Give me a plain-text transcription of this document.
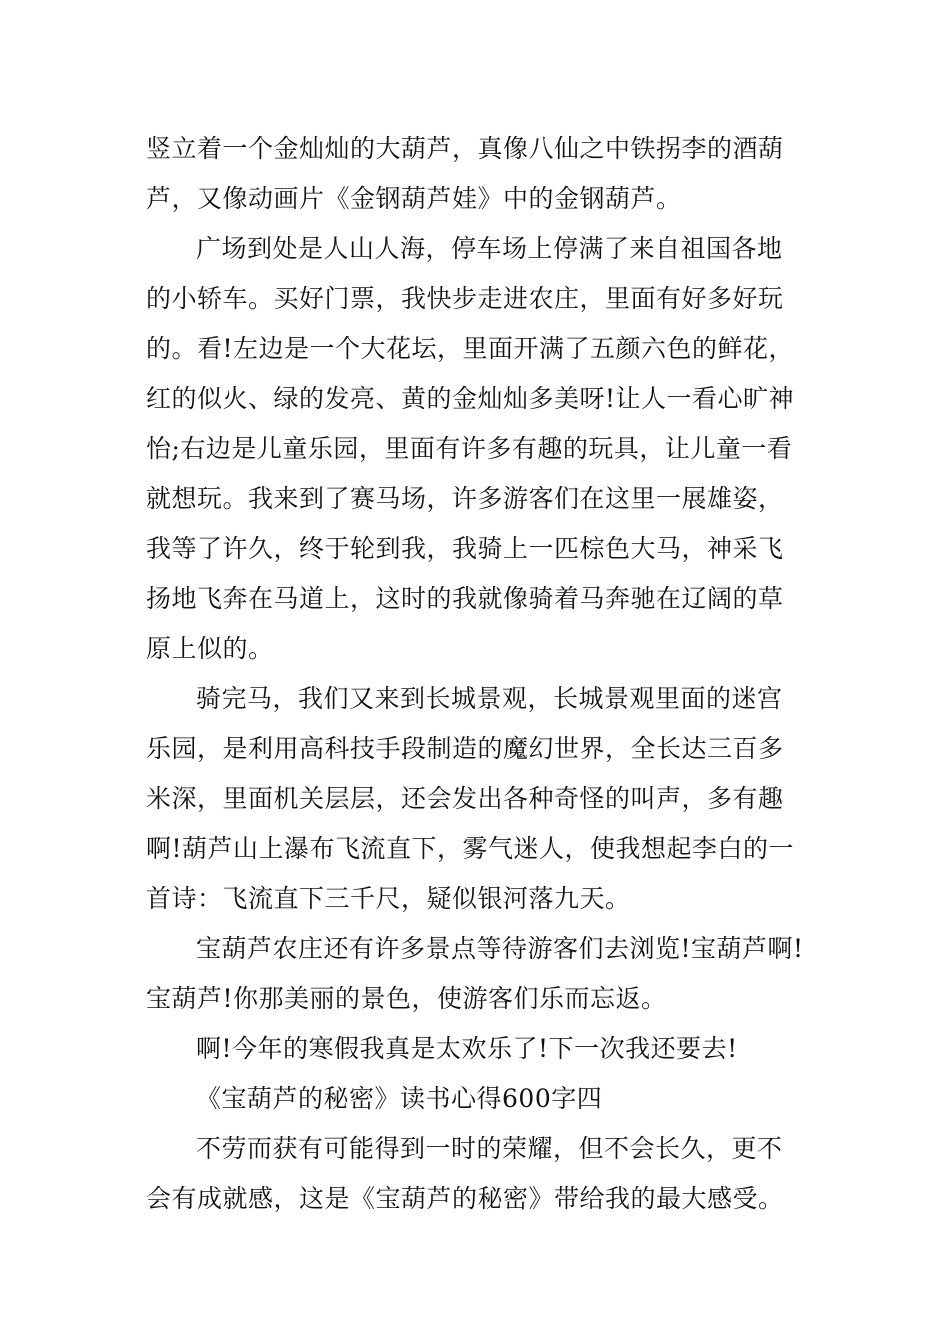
竖立着一个金灿灿的大葫芦，真像八仙之中铁拐李的酒葫
芦，又像动画片《金钢葫芦娃》中的金钢葫芦。
广场到处是人山人海，停车场上停满了来自祖国各地
的小轿车。买好门票，我快步走进农庄，里面有好多好玩
的。看!左边是一个大花坛，里面开满了五颜六色的鲜花，
红的似火、绿的发亮、黄的金灿灿多美呀!让人一看心旷神
怡;右边是儿童乐园，里面有许多有趣的玩具，让儿童一看
就想玩。我来到了赛马场，许多游客们在这里一展雄姿，
我等了许久，终于轮到我，我骑上一匹棕色大马，神采飞
扬地飞奔在马道上，这时的我就像骑着马奔驰在辽阔的草
原上似的。
骑完马，我们又来到长城景观，长城景观里面的迷宫
乐园，是利用高科技手段制造的魔幻世界，全长达三百多
米深，里面机关层层，还会发出各种奇怪的叫声，多有趣
啊!葫芦山上瀑布飞流直下，雾气迷人，使我想起李白的一
首诗：飞流直下三千尺，疑似银河落九天。
宝葫芦农庄还有许多景点等待游客们去浏览!宝葫芦啊!
宝葫芦!你那美丽的景色，使游客们乐而忘返。
啊!今年的寒假我真是太欢乐了!下一次我还要去!
《宝葫芦的秘密》读书心得600字四
不劳而获有可能得到一时的荣耀，但不会长久，更不
会有成就感，这是《宝葫芦的秘密》带给我的最大感受。
